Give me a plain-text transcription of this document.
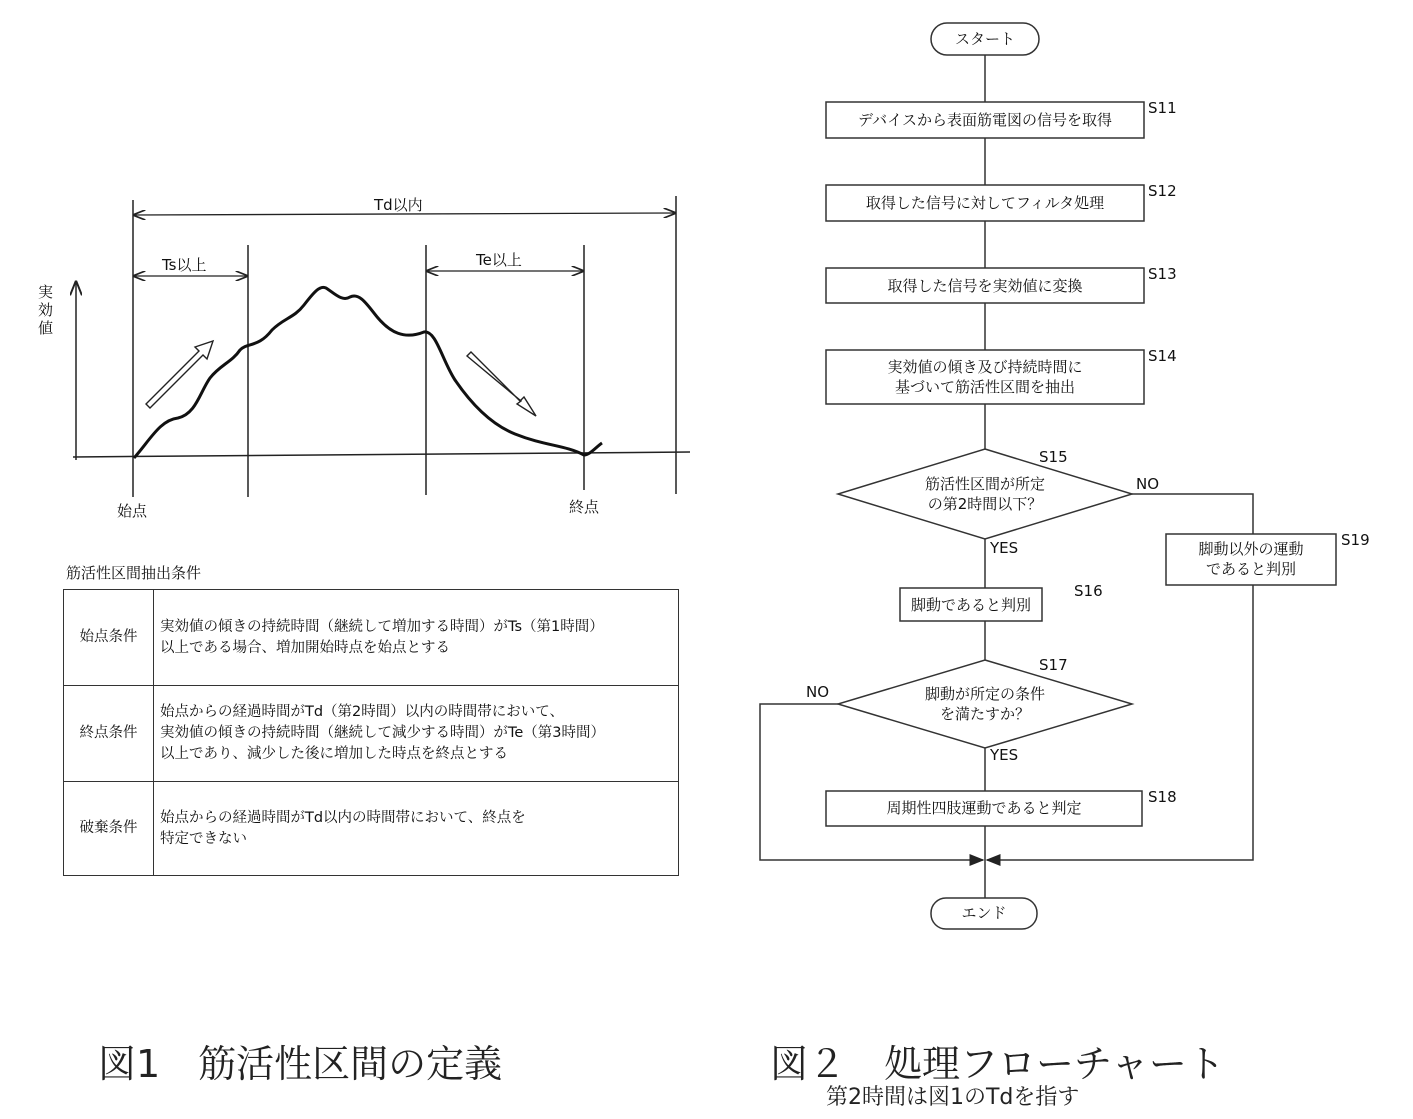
実効値
Td以内
Ts以上	Te以上
始点	終点
筋活性区間抽出条件
始点条件	実効値の傾きの持続時間（継続して増加する時間）がTs（第1時間）
以上である場合、増加開始時点を始点とする

終点条件	始点からの経過時間がTd（第2時間）以内の時間帯において、
実効値の傾きの持続時間（継続して減少する時間）がTe（第3時間）
以上であり、減少した後に増加した時点を終点とする

破棄条件	始点からの経過時間がTd以内の時間帯において、終点を
特定できない
図1　筋活性区間の定義
スタート
デバイスから表面筋電図の信号を取得
S11
取得した信号に対してフィルタ処理
S12
取得した信号を実効値に変換
S13
実効値の傾き及び持続時間に
基づいて筋活性区間を抽出
S14
S15
筋活性区間が所定
の第2時間以下？
NO
YES
脚動であると判別
S16
脚動以外の運動
であると判別
S19
S17
脚動が所定の条件
を満たすか？
NO
YES
周期性四肢運動であると判定
S18
エンド
図２　処理フローチャート
第2時間は図1のTdを指す
